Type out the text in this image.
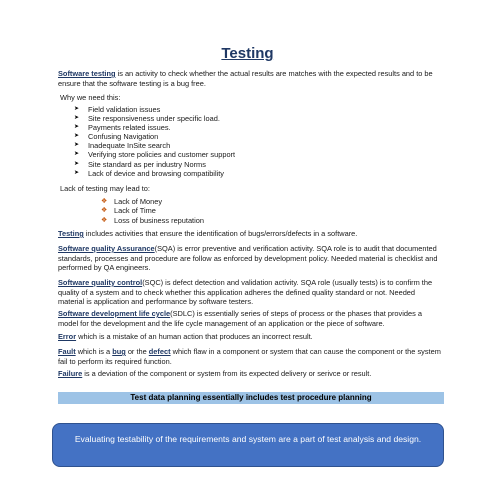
Testing
Software testing is an activity to check whether the actual results are matches with the expected results and to be ensure that the software testing is a bug free.
Why we need this:
➤	Field validation issues
➤	Site responsiveness under specific load.
➤	Payments related issues.
➤	Confusing Navigation
➤	Inadequate InSite search
➤	Verifying store policies and customer support
➤	Site standard as per industry Norms
➤	Lack of device and browsing compatibility
Lack of testing may lead to:
❖ Lack of Money
❖ Lack of Time
❖ Loss of business reputation
Testing includes activities that ensure the identification of bugs/errors/defects in a software.
Software quality Assurance(SQA) is error preventive and verification activity. SQA role is to audit that documented standards, processes and procedure are follow as enforced by development policy. Needed material is checklist and performed by QA engineers.
Software quality control(SQC) is defect detection and validation activity. SQA role (usually tests) is to confirm the quality of a system and to check whether this application adheres the defined quality standard or not. Needed material is application and performance by software testers.
Software development life cycle(SDLC) is essentially series of steps of process or the phases that provides a model for the development and the life cycle management of an application or the piece of software.
Error which is a mistake of an human action that produces an incorrect result.
Fault which is a bug or the defect which flaw in a component or system that can cause the component or the system fail to perform its required function.
Failure is a deviation of the component or system from its expected delivery or serivce or result.
Test data planning essentially includes test procedure planning
Evaluating testability of the requirements and system are a part of test analysis and design.
